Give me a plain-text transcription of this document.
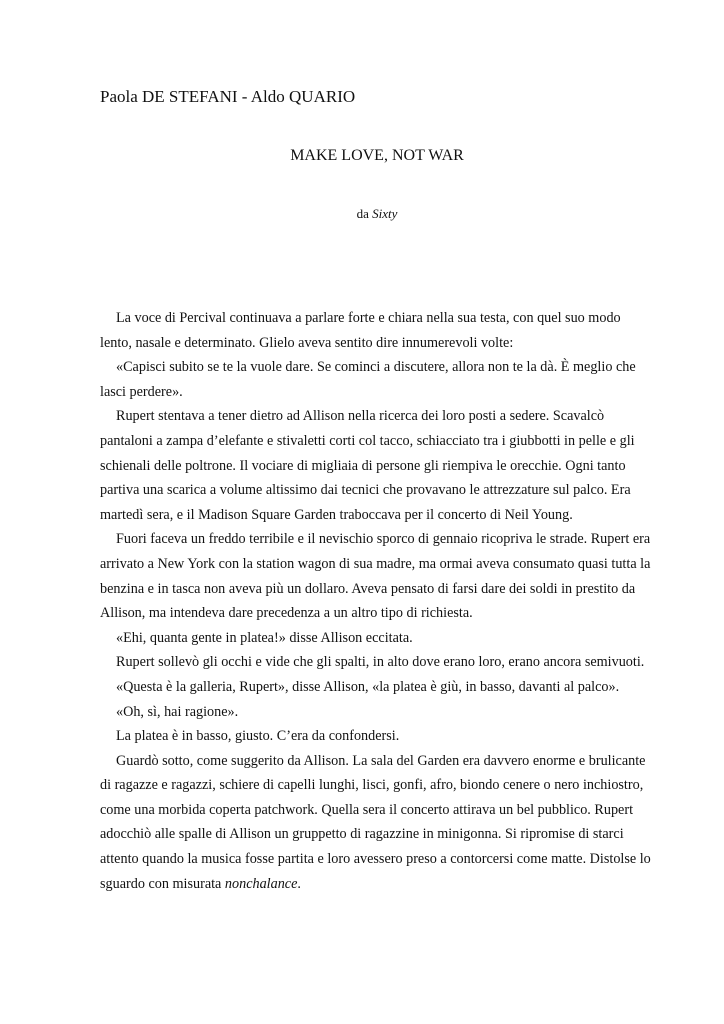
Paola DE STEFANI - Aldo QUARIO
MAKE LOVE, NOT WAR
da Sixty

La voce di Percival continuava a parlare forte e chiara nella sua testa, con quel suo modo lento, nasale e determinato. Glielo aveva sentito dire innumerevoli volte:

«Capisci subito se te la vuole dare. Se cominci a discutere, allora non te la dà. È meglio che lasci perdere».

Rupert stentava a tener dietro ad Allison nella ricerca dei loro posti a sedere. Scavalcò pantaloni a zampa d’elefante e stivaletti corti col tacco, schiacciato tra i giubbotti in pelle e gli schienali delle poltrone. Il vociare di migliaia di persone gli riempiva le orecchie. Ogni tanto partiva una scarica a volume altissimo dai tecnici che provavano le attrezzature sul palco. Era martedì sera, e il Madison Square Garden traboccava per il concerto di Neil Young.

Fuori faceva un freddo terribile e il nevischio sporco di gennaio ricopriva le strade. Rupert era arrivato a New York con la station wagon di sua madre, ma ormai aveva consumato quasi tutta la benzina e in tasca non aveva più un dollaro. Aveva pensato di farsi dare dei soldi in prestito da Allison, ma intendeva dare precedenza a un altro tipo di richiesta.

«Ehi, quanta gente in platea!» disse Allison eccitata.

Rupert sollevò gli occhi e vide che gli spalti, in alto dove erano loro, erano ancora semivuoti.

«Questa è la galleria, Rupert», disse Allison, «la platea è giù, in basso, davanti al palco».

«Oh, sì, hai ragione».

La platea è in basso, giusto. C’era da confondersi.

Guardò sotto, come suggerito da Allison. La sala del Garden era davvero enorme e brulicante di ragazze e ragazzi, schiere di capelli lunghi, lisci, gonfi, afro, biondo cenere o nero inchiostro, come una morbida coperta patchwork. Quella sera il concerto attirava un bel pubblico. Rupert adocchiò alle spalle di Allison un gruppetto di ragazzine in minigonna. Si ripromise di starci attento quando la musica fosse partita e loro avessero preso a contorcersi come matte. Distolse lo sguardo con misurata nonchalance.
